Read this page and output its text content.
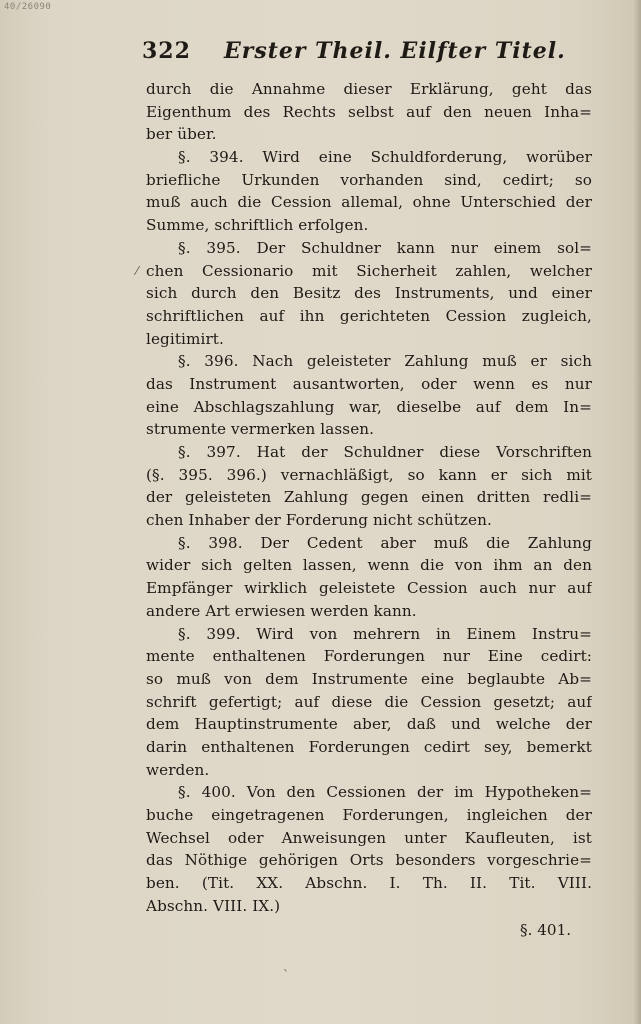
40/26090
322 Erster Theil. Eilfter Titel.
durch die Annahme dieser Erklärung, geht das
Eigenthum des Rechts selbst auf den neuen Inha=
ber über.
§. 394. Wird eine Schuldforderung, worüber
briefliche Urkunden vorhanden sind, cedirt; so
muß auch die Cession allemal, ohne Unterschied der
Summe, schriftlich erfolgen.
§. 395. Der Schuldner kann nur einem sol=
chen Cessionario mit Sicherheit zahlen, welcher
sich durch den Besitz des Instruments, und einer
schriftlichen auf ihn gerichteten Cession zugleich,
legitimirt.
§. 396. Nach geleisteter Zahlung muß er sich
das Instrument ausantworten, oder wenn es nur
eine Abschlagszahlung war, dieselbe auf dem In=
strumente vermerken lassen.
§. 397. Hat der Schuldner diese Vorschriften
(§. 395. 396.) vernachläßigt, so kann er sich mit
der geleisteten Zahlung gegen einen dritten redli=
chen Inhaber der Forderung nicht schützen.
§. 398. Der Cedent aber muß die Zahlung
wider sich gelten lassen, wenn die von ihm an den
Empfänger wirklich geleistete Cession auch nur auf
andere Art erwiesen werden kann.
§. 399. Wird von mehrern in Einem Instru=
mente enthaltenen Forderungen nur Eine cedirt:
so muß von dem Instrumente eine beglaubte Ab=
schrift gefertigt; auf diese die Cession gesetzt; auf
dem Hauptinstrumente aber, daß und welche der
darin enthaltenen Forderungen cedirt sey, bemerkt
werden.
§. 400. Von den Cessionen der im Hypotheken=
buche eingetragenen Forderungen, ingleichen der
Wechsel oder Anweisungen unter Kaufleuten, ist
das Nöthige gehörigen Orts besonders vorgeschrie=
ben. (Tit. XX. Abschn. I. Th. II. Tit. VIII.
Abschn. VIII. IX.)
§. 401.
⁄
ˋ
